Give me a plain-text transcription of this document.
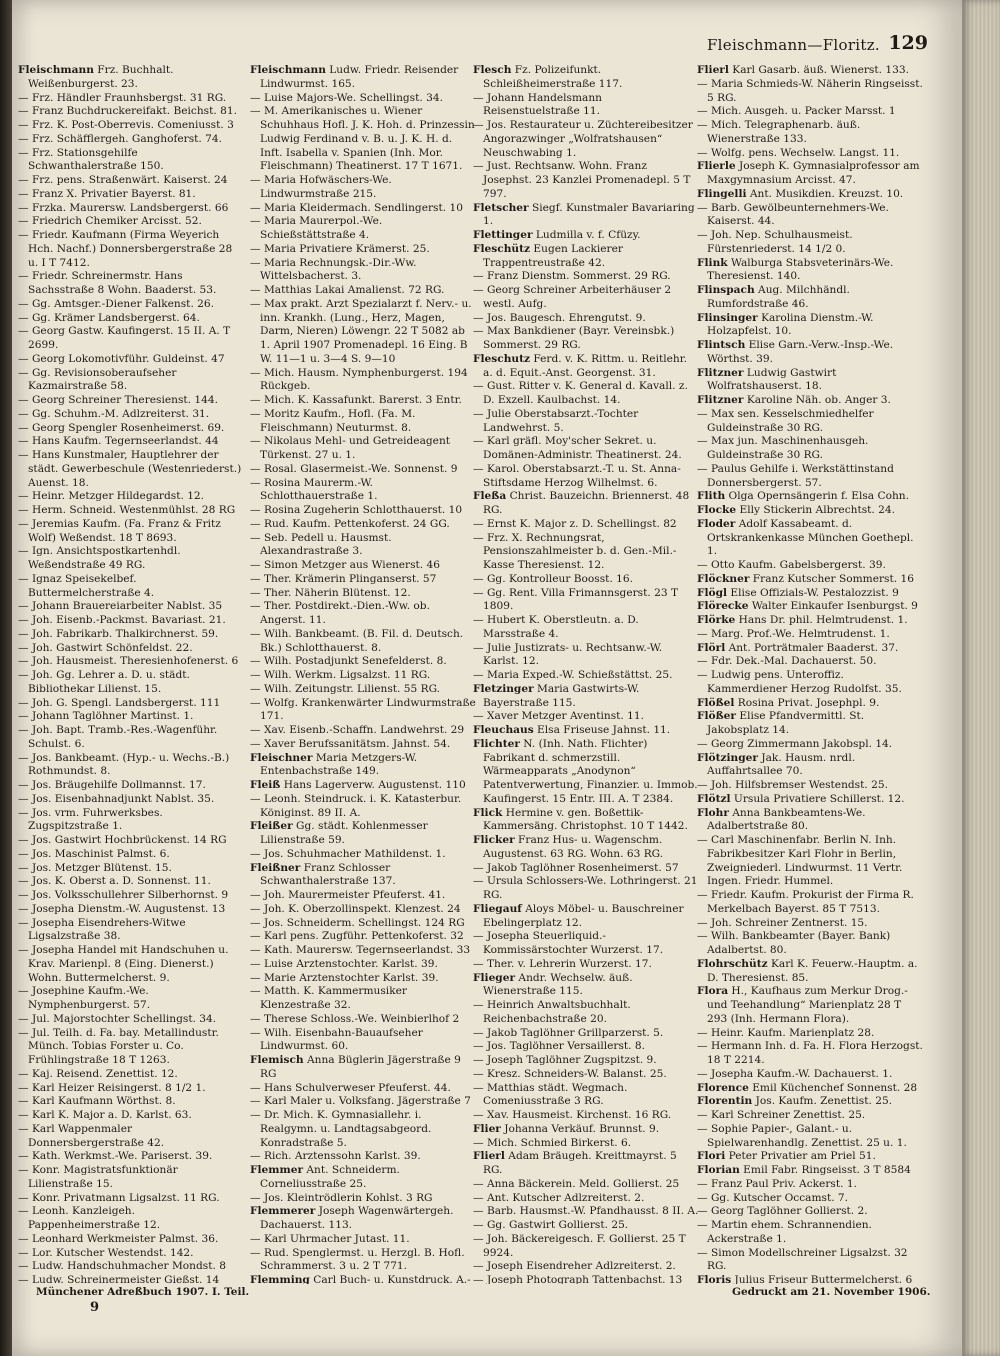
Fleischmann—Floritz. 129

Fleischmann Frz. Buchhalt. Weißenburgerst. 23.

— Frz. Händler Fraunhsbergst. 31 RG.

— Franz Buchdruckereifakt. Beichst. 81.

— Frz. K. Post-Oberrevis. Comeniusst. 3

— Frz. Schäfflergeh. Ganghoferst. 74.

— Frz. Stationsgehilfe Schwanthalerstraße 150.

— Frz. pens. Straßenwärt. Kaiserst. 24

— Franz X. Privatier Bayerst. 81.

— Frzka. Maurersw. Landsbergerst. 66

— Friedrich Chemiker Arcisst. 52.

— Friedr. Kaufmann (Firma Weyerich Hch. Nachf.) Donnersbergerstraße 28 u. I T 7412.

— Friedr. Schreinermstr. Hans Sachsstraße 8 Wohn. Baaderst. 53.

— Gg. Amtsger.-Diener Falkenst. 26.

— Gg. Krämer Landsbergerst. 64.

— Georg Gastw. Kaufingerst. 15 II. A. T 2699.

— Georg Lokomotivführ. Guldeinst. 47

— Gg. Revisionsoberaufseher Kazmairstraße 58.

— Georg Schreiner Theresienst. 144.

— Gg. Schuhm.-M. Adlzreiterst. 31.

— Georg Spengler Rosenheimerst. 69.

— Hans Kaufm. Tegernseerlandst. 44

— Hans Kunstmaler, Hauptlehrer der städt. Gewerbeschule (Westenriederst.) Auenst. 18.

— Heinr. Metzger Hildegardst. 12.

— Herm. Schneid. Westenmühlst. 28 RG

— Jeremias Kaufm. (Fa. Franz & Fritz Wolf) Weßendst. 18 T 8693.

— Ign. Ansichtspostkartenhdl. Weßendstraße 49 RG.

— Ignaz Speisekelbef. Buttermelcherstraße 4.

— Johann Brauereiarbeiter Nablst. 35

— Joh. Eisenb.-Packmst. Bavariast. 21.

— Joh. Fabrikarb. Thalkirchnerst. 59.

— Joh. Gastwirt Schönfeldst. 22.

— Joh. Hausmeist. Theresienhofenerst. 6

— Joh. Gg. Lehrer a. D. u. städt. Bibliothekar Lilienst. 15.

— Joh. G. Spengl. Landsbergerst. 111

— Johann Taglöhner Martinst. 1.

— Joh. Bapt. Tramb.-Res.-Wagenführ. Schulst. 6.

— Jos. Bankbeamt. (Hyp.- u. Wechs.-B.) Rothmundst. 8.

— Jos. Bräugehilfe Dollmannst. 17.

— Jos. Eisenbahnadjunkt Nablst. 35.

— Jos. vrm. Fuhrwerksbes. Zugspitzstraße 1.

— Jos. Gastwirt Hochbrückenst. 14 RG

— Jos. Maschinist Palmst. 6.

— Jos. Metzger Blütenst. 15.

— Jos. K. Oberst a. D. Sonnenst. 11.

— Jos. Volksschullehrer Silberhornst. 9

— Josepha Dienstm.-W. Augustenst. 13

— Josepha Eisendrehers-Witwe Ligsalzstraße 38.

— Josepha Handel mit Handschuhen u. Krav. Marienpl. 8 (Eing. Dienerst.) Wohn. Buttermelcherst. 9.

— Josephine Kaufm.-We. Nymphenburgerst. 57.

— Jul. Majorstochter Schellingst. 34.

— Jul. Teilh. d. Fa. bay. Metallindustr. Münch. Tobias Forster u. Co. Frühlingstraße 18 T 1263.

— Kaj. Reisend. Zenettist. 12.

— Karl Heizer Reisingerst. 8 1/2 1.

— Karl Kaufmann Wörthst. 8.

— Karl K. Major a. D. Karlst. 63.

— Karl Wappenmaler Donnersbergerstraße 42.

— Kath. Werkmst.-We. Pariserst. 39.

— Konr. Magistratsfunktionär Lilienstraße 15.

— Konr. Privatmann Ligsalzst. 11 RG.

— Leonh. Kanzleigeh. Pappenheimerstraße 12.

— Leonhard Werkmeister Palmst. 36.

— Lor. Kutscher Westendst. 142.

— Ludw. Handschuhmacher Mondst. 8

— Ludw. Schreinermeister Gießst. 14

Fleischmann Ludw. Friedr. Reisender Lindwurmst. 165.

— Luise Majors-We. Schellingst. 34.

— M. Amerikanisches u. Wiener Schuhhaus Hofl. J. K. Hoh. d. Prinzessin Ludwig Ferdinand v. B. u. J. K. H. d. Inft. Isabella v. Spanien (Inh. Mor. Fleischmann) Theatinerst. 17 T 1671.

— Maria Hofwäschers-We. Lindwurmstraße 215.

— Maria Kleidermach. Sendlingerst. 10

— Maria Maurerpol.-We. Schießstättstraße 4.

— Maria Privatiere Krämerst. 25.

— Maria Rechnungsk.-Dir.-Ww. Wittelsbacherst. 3.

— Matthias Lakai Amalienst. 72 RG.

— Max prakt. Arzt Spezialarzt f. Nerv.- u. inn. Krankh. (Lung., Herz, Magen, Darm, Nieren) Löwengr. 22 T 5082 ab 1. April 1907 Promenadepl. 16 Eing. B W. 11—1 u. 3—4 S. 9—10

— Mich. Hausm. Nymphenburgerst. 194 Rückgeb.

— Mich. K. Kassafunkt. Barerst. 3 Entr.

— Moritz Kaufm., Hofl. (Fa. M. Fleischmann) Neuturmst. 8.

— Nikolaus Mehl- und Getreideagent Türkenst. 27 u. 1.

— Rosal. Glasermeist.-We. Sonnenst. 9

— Rosina Maurerm.-W. Schlotthauerstraße 1.

— Rosina Zugeherin Schlotthauerst. 10

— Rud. Kaufm. Pettenkoferst. 24 GG.

— Seb. Pedell u. Hausmst. Alexandrastraße 3.

— Simon Metzger aus Wienerst. 46

— Ther. Krämerin Plinganserst. 57

— Ther. Näherin Blütenst. 12.

— Ther. Postdirekt.-Dien.-Ww. ob. Angerst. 11.

— Wilh. Bankbeamt. (B. Fil. d. Deutsch. Bk.) Schlotthauerst. 8.

— Wilh. Postadjunkt Senefelderst. 8.

— Wilh. Werkm. Ligsalzst. 11 RG.

— Wilh. Zeitungstr. Lilienst. 55 RG.

— Wolfg. Krankenwärter Lindwurmstraße 171.

— Xav. Eisenb.-Schaffn. Landwehrst. 29

— Xaver Berufssanitätsm. Jahnst. 54.

Fleischner Maria Metzgers-W. Entenbachstraße 149.

Fleiß Hans Lagerverw. Augustenst. 110

— Leonh. Steindruck. i. K. Katasterbur. Königinst. 89 II. A.

Fleißer Gg. städt. Kohlenmesser Lilienstraße 59.

— Jos. Schuhmacher Mathildenst. 1.

Fleißner Franz Schlosser Schwanthalerstraße 137.

— Joh. Maurermeister Pfeuferst. 41.

— Joh. K. Oberzollinspekt. Klenzest. 24

— Jos. Schneiderm. Schellingst. 124 RG

— Karl pens. Zugführ. Pettenkoferst. 32

— Kath. Maurersw. Tegernseerlandst. 33

— Luise Arztenstochter. Karlst. 39.

— Marie Arztenstochter Karlst. 39.

— Matth. K. Kammermusiker Klenzestraße 32.

— Therese Schloss.-We. Weinbierlhof 2

— Wilh. Eisenbahn-Bauaufseher Lindwurmst. 60.

Flemisch Anna Büglerin Jägerstraße 9 RG

— Hans Schulverweser Pfeuferst. 44.

— Karl Maler u. Volksfang. Jägerstraße 7

— Dr. Mich. K. Gymnasiallehr. i. Realgymn. u. Landtagsabgeord. Konradstraße 5.

— Rich. Arztenssohn Karlst. 39.

Flemmer Ant. Schneiderm. Corneliusstraße 25.

— Jos. Kleintrödlerin Kohlst. 3 RG

Flemmerer Joseph Wagenwärtergeh. Dachauerst. 113.

— Karl Uhrmacher Jutast. 11.

— Rud. Spenglermst. u. Herzgl. B. Hofl. Schrammerst. 3 u. 2 T 771.

Flemming Carl Buch- u. Kunstdruck. A.-

Flesch Fz. Polizeifunkt. Schleißheimerstraße 117.

— Johann Handelsmann Reisenstuelstraße 11.

— Jos. Restaurateur u. Züchtereibesitzer Angorazwinger „Wolfratshausen“ Neuschwabing 1.

— Just. Rechtsanw. Wohn. Franz Josephst. 23 Kanzlei Promenadepl. 5 T 797.

Fletscher Siegf. Kunstmaler Bavariaring 1.

Flettinger Ludmilla v. f. Cfüzy.

Fleschütz Eugen Lackierer Trappentreustraße 42.

— Franz Dienstm. Sommerst. 29 RG.

— Georg Schreiner Arbeiterhäuser 2 westl. Aufg.

— Jos. Baugesch. Ehrengutst. 9.

— Max Bankdiener (Bayr. Vereinsbk.) Sommerst. 29 RG.

Fleschutz Ferd. v. K. Rittm. u. Reitlehr. a. d. Equit.-Anst. Georgenst. 31.

— Gust. Ritter v. K. General d. Kavall. z. D. Exzell. Kaulbachst. 14.

— Julie Oberstabsarzt.-Tochter Landwehrst. 5.

— Karl gräfl. Moy'scher Sekret. u. Domänen-Administr. Theatinerst. 24.

— Karol. Oberstabsarzt.-T. u. St. Anna-Stiftsdame Herzog Wilhelmst. 6.

Fleßa Christ. Bauzeichn. Briennerst. 48 RG.

— Ernst K. Major z. D. Schellingst. 82

— Frz. X. Rechnungsrat, Pensionszahlmeister b. d. Gen.-Mil.-Kasse Theresienst. 12.

— Gg. Kontrolleur Boosst. 16.

— Gg. Rent. Villa Frimannsgerst. 23 T 1809.

— Hubert K. Oberstleutn. a. D. Marsstraße 4.

— Julie Justizrats- u. Rechtsanw.-W. Karlst. 12.

— Maria Exped.-W. Schießstättst. 25.

Fletzinger Maria Gastwirts-W. Bayerstraße 115.

— Xaver Metzger Aventinst. 11.

Fleuchaus Elsa Friseuse Jahnst. 11.

Flichter N. (Inh. Nath. Flichter) Fabrikant d. schmerzstill. Wärmeapparats „Anodynon“ Patentverwertung, Finanzier. u. Immob. Kaufingerst. 15 Entr. III. A. T 2384.

Flick Hermine v. gen. Boßettik-Kammersäng. Christophst. 10 T 1442.

Flicker Franz Hus- u. Wagenschm. Augustenst. 63 RG. Wohn. 63 RG.

— Jakob Taglöhner Rosenheimerst. 57

— Ursula Schlossers-We. Lothringerst. 21 RG.

Fliegauf Aloys Möbel- u. Bauschreiner Ebelingerplatz 12.

— Josepha Steuerliquid.-Kommissärstochter Wurzerst. 17.

— Ther. v. Lehrerin Wurzerst. 17.

Flieger Andr. Wechselw. äuß. Wienerstraße 115.

— Heinrich Anwaltsbuchhalt. Reichenbachstraße 20.

— Jakob Taglöhner Grillparzerst. 5.

— Jos. Taglöhner Versaillerst. 8.

— Joseph Taglöhner Zugspitzst. 9.

— Kresz. Schneiders-W. Balanst. 25.

— Matthias städt. Wegmach. Comeniusstraße 3 RG.

— Xav. Hausmeist. Kirchenst. 16 RG.

Flier Johanna Verkäuf. Brunnst. 9.

— Mich. Schmied Birkerst. 6.

Flierl Adam Bräugeh. Kreittmayrst. 5 RG.

— Anna Bäckerein. Meld. Gollierst. 25

— Ant. Kutscher Adlzreiterst. 2.

— Barb. Hausmst.-W. Pfandhausst. 8 II. A.

— Gg. Gastwirt Gollierst. 25.

— Joh. Bäckereigesch. F. Gollierst. 25 T 9924.

— Joseph Eisendreher Adlzreiterst. 2.

— Joseph Photograph Tattenbachst. 13

Flierl Karl Gasarb. äuß. Wienerst. 133.

— Maria Schmieds-W. Näherin Ringseisst. 5 RG.

— Mich. Ausgeh. u. Packer Marsst. 1

— Mich. Telegraphenarb. äuß. Wienerstraße 133.

— Wolfg. pens. Wechselw. Langst. 11.

Flierle Joseph K. Gymnasialprofessor am Maxgymnasium Arcisst. 47.

Flingelli Ant. Musikdien. Kreuzst. 10.

— Barb. Gewölbeunternehmers-We. Kaiserst. 44.

— Joh. Nep. Schulhausmeist. Fürstenriederst. 14 1/2 0.

Flink Walburga Stabsveterinärs-We. Theresienst. 140.

Flinspach Aug. Milchhändl. Rumfordstraße 46.

Flinsinger Karolina Dienstm.-W. Holzapfelst. 10.

Flintsch Elise Garn.-Verw.-Insp.-We. Wörthst. 39.

Flitzner Ludwig Gastwirt Wolfratshauserst. 18.

Flitzner Karoline Näh. ob. Anger 3.

— Max sen. Kesselschmiedhelfer Guldeinstraße 30 RG.

— Max jun. Maschinenhausgeh. Guldeinstraße 30 RG.

— Paulus Gehilfe i. Werkstättinstand Donnersbergerst. 57.

Flith Olga Opernsängerin f. Elsa Cohn.

Flocke Elly Stickerin Albrechtst. 24.

Floder Adolf Kassabeamt. d. Ortskrankenkasse München Goethepl. 1.

— Otto Kaufm. Gabelsbergerst. 39.

Flöckner Franz Kutscher Sommerst. 16

Flögl Elise Offizials-W. Pestalozzist. 9

Flörecke Walter Einkaufer Isenburgst. 9

Flörke Hans Dr. phil. Helmtrudenst. 1.

— Marg. Prof.-We. Helmtrudenst. 1.

Flörl Ant. Porträtmaler Baaderst. 37.

— Fdr. Dek.-Mal. Dachauerst. 50.

— Ludwig pens. Unteroffiz. Kammerdiener Herzog Rudolfst. 35.

Flößel Rosina Privat. Josephpl. 9.

Flößer Elise Pfandvermittl. St. Jakobsplatz 14.

— Georg Zimmermann Jakobspl. 14.

Flötzinger Jak. Hausm. nrdl. Auffahrtsallee 70.

— Joh. Hilfsbremser Westendst. 25.

Flötzl Ursula Privatiere Schillerst. 12.

Flohr Anna Bankbeamtens-We. Adalbertstraße 80.

— Carl Maschinenfabr. Berlin N. Inh. Fabrikbesitzer Karl Flohr in Berlin, Zweigniederl. Lindwurmst. 11 Vertr. Ingen. Friedr. Hummel.

— Friedr. Kaufm. Prokurist der Firma R. Merkelbach Bayerst. 85 T 7513.

— Joh. Schreiner Zentnerst. 15.

— Wilh. Bankbeamter (Bayer. Bank) Adalbertst. 80.

Flohrschütz Karl K. Feuerw.-Hauptm. a. D. Theresienst. 85.

Flora H., Kaufhaus zum Merkur Drog.- und Teehandlung“ Marienplatz 28 T 293 (Inh. Hermann Flora).

— Heinr. Kaufm. Marienplatz 28.

— Hermann Inh. d. Fa. H. Flora Herzogst. 18 T 2214.

— Josepha Kaufm.-W. Dachauerst. 1.

Florence Emil Küchenchef Sonnenst. 28

Florentin Jos. Kaufm. Zenettist. 25.

— Karl Schreiner Zenettist. 25.

— Sophie Papier-, Galant.- u. Spielwarenhandlg. Zenettist. 25 u. 1.

Flori Peter Privatier am Priel 51.

Florian Emil Fabr. Ringseisst. 3 T 8584

— Franz Paul Priv. Ackerst. 1.

— Gg. Kutscher Occamst. 7.

— Georg Taglöhner Gollierst. 2.

— Martin ehem. Schrannendien. Ackerstraße 1.

— Simon Modellschreiner Ligsalzst. 32 RG.

Floris Julius Friseur Buttermelcherst. 6

Münchener Adreßbuch 1907. I. Teil.	Gedruckt am 21. November 1906.
9
